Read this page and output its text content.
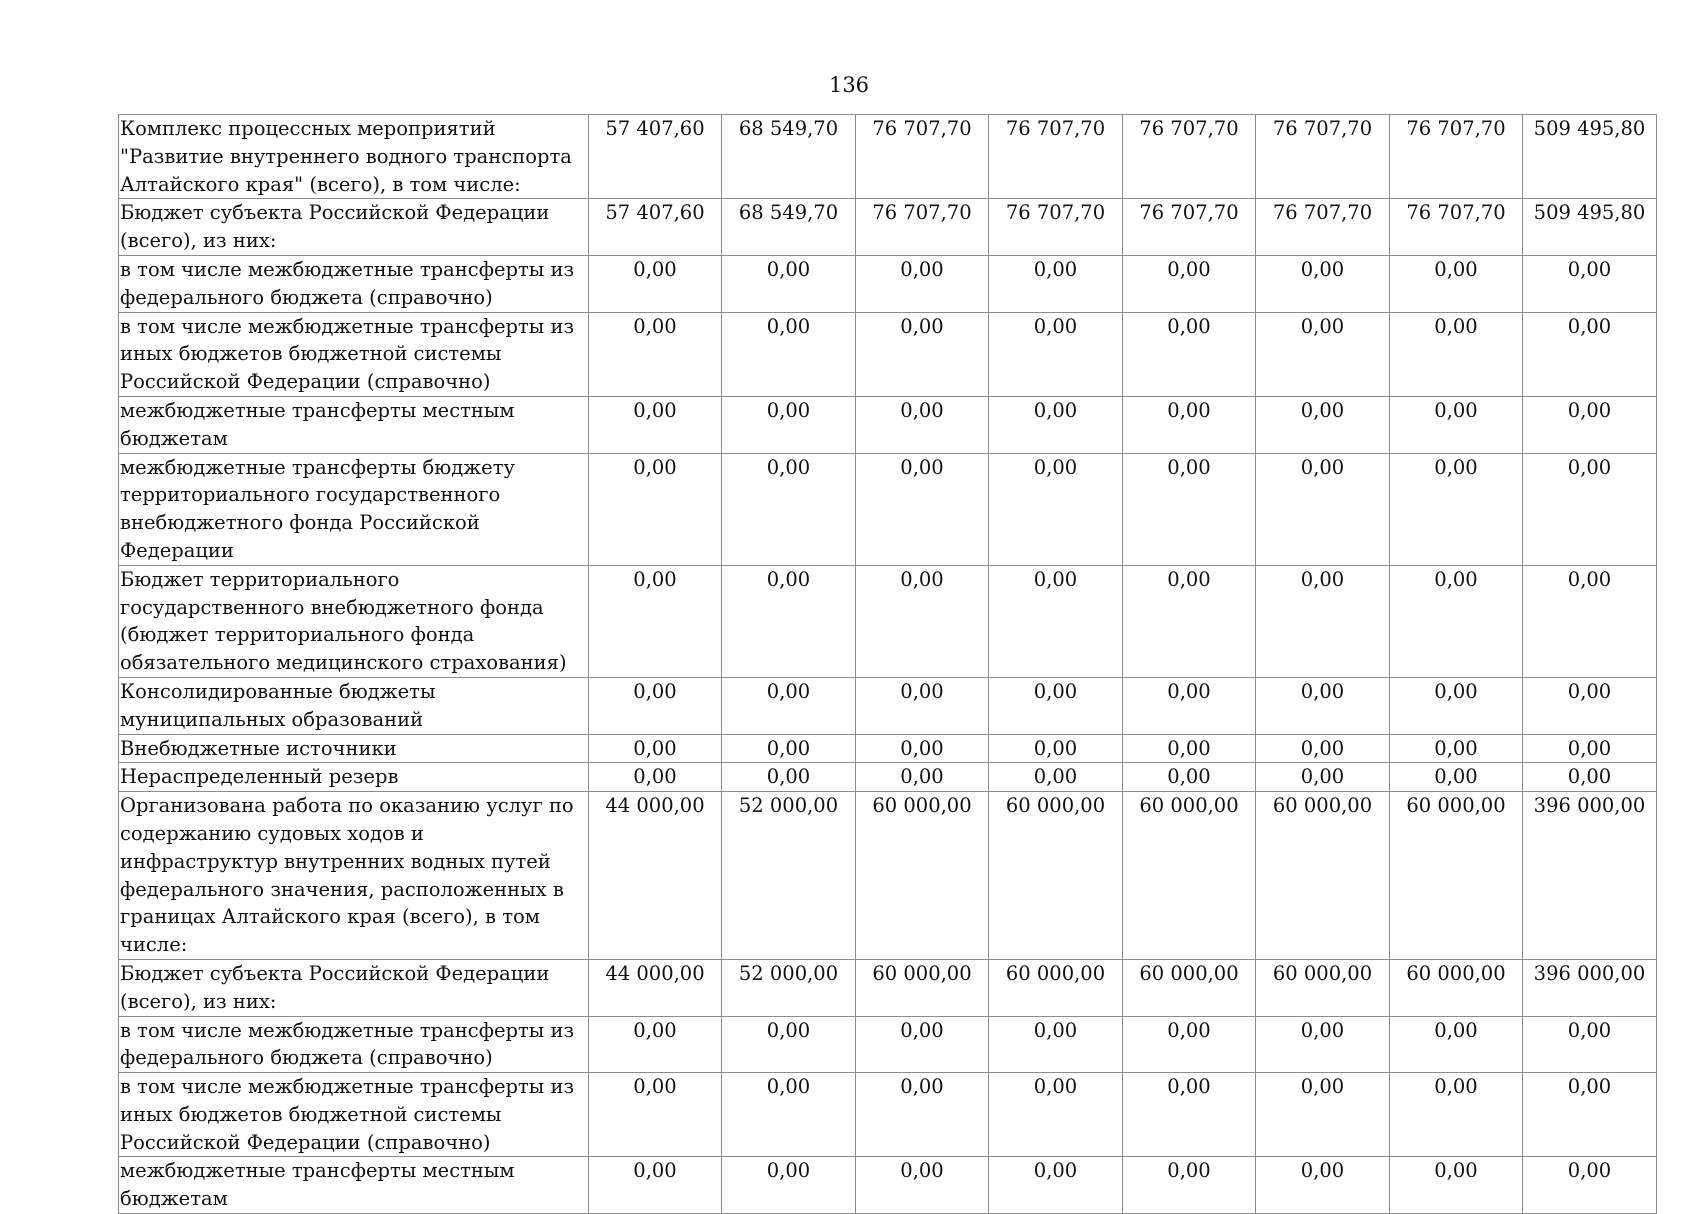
136
Комплекс процессных мероприятий "Развитие внутреннего водного транспорта Алтайского края" (всего), в том числе:	57 407,60	68 549,70	76 707,70	76 707,70	76 707,70	76 707,70	76 707,70	509 495,80
Бюджет субъекта Российской Федерации (всего), из них:	57 407,60	68 549,70	76 707,70	76 707,70	76 707,70	76 707,70	76 707,70	509 495,80
в том числе межбюджетные трансферты из федерального бюджета (справочно)	0,00	0,00	0,00	0,00	0,00	0,00	0,00	0,00
в том числе межбюджетные трансферты из иных бюджетов бюджетной системы Российской Федерации (справочно)	0,00	0,00	0,00	0,00	0,00	0,00	0,00	0,00
межбюджетные трансферты местным бюджетам	0,00	0,00	0,00	0,00	0,00	0,00	0,00	0,00
межбюджетные трансферты бюджету территориального государственного внебюджетного фонда Российской Федерации	0,00	0,00	0,00	0,00	0,00	0,00	0,00	0,00
Бюджет территориального государственного внебюджетного фонда (бюджет территориального фонда обязательного медицинского страхования)	0,00	0,00	0,00	0,00	0,00	0,00	0,00	0,00
Консолидированные бюджеты муниципальных образований	0,00	0,00	0,00	0,00	0,00	0,00	0,00	0,00
Внебюджетные источники	0,00	0,00	0,00	0,00	0,00	0,00	0,00	0,00
Нераспределенный резерв	0,00	0,00	0,00	0,00	0,00	0,00	0,00	0,00
Организована работа по оказанию услуг по содержанию судовых ходов и инфраструктур внутренних водных путей федерального значения, расположенных в границах Алтайского края (всего), в том числе:	44 000,00	52 000,00	60 000,00	60 000,00	60 000,00	60 000,00	60 000,00	396 000,00
Бюджет субъекта Российской Федерации (всего), из них:	44 000,00	52 000,00	60 000,00	60 000,00	60 000,00	60 000,00	60 000,00	396 000,00
в том числе межбюджетные трансферты из федерального бюджета (справочно)	0,00	0,00	0,00	0,00	0,00	0,00	0,00	0,00
в том числе межбюджетные трансферты из иных бюджетов бюджетной системы Российской Федерации (справочно)	0,00	0,00	0,00	0,00	0,00	0,00	0,00	0,00
межбюджетные трансферты местным бюджетам	0,00	0,00	0,00	0,00	0,00	0,00	0,00	0,00
